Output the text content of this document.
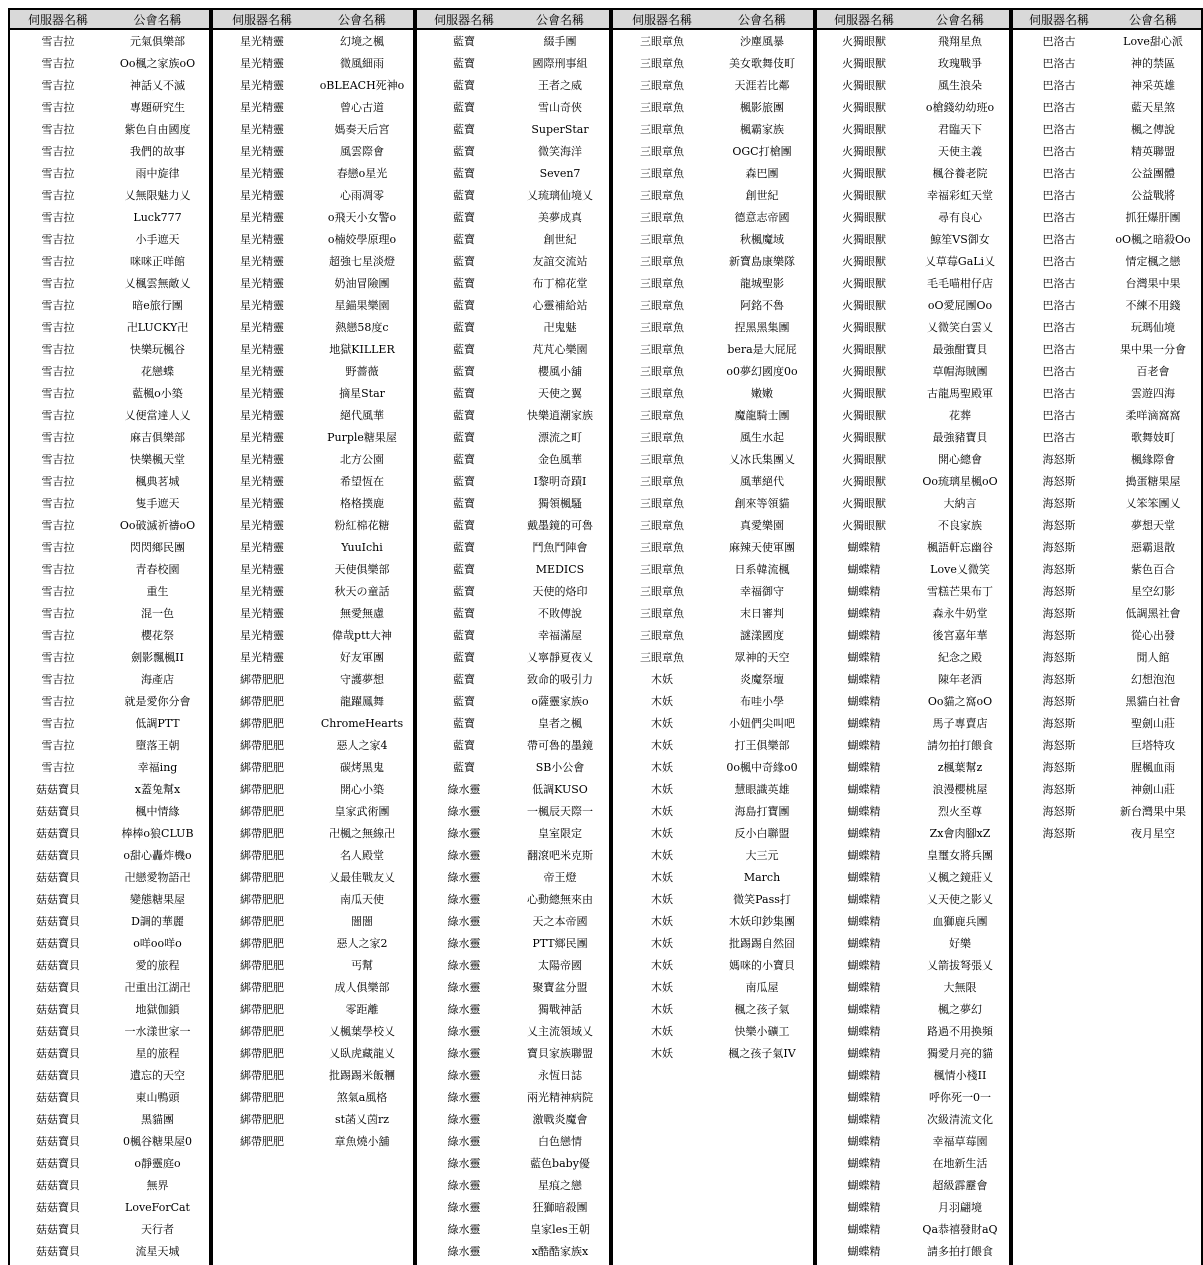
伺服器名稱	公會名稱
雪吉拉	元氣俱樂部
雪吉拉	Oo楓之家族oO
雪吉拉	神話乂不滅
雪吉拉	專題研究生
雪吉拉	紫色自由國度
雪吉拉	我們的故事
雪吉拉	雨中旋律
雪吉拉	乂無限魅力乂
雪吉拉	Luck777
雪吉拉	小手遮天
雪吉拉	咪咪正咩館
雪吉拉	乂楓雲無敵乂
雪吉拉	暗e旅行團
雪吉拉	卍LUCKY卍
雪吉拉	快樂玩楓谷
雪吉拉	花戀蝶
雪吉拉	藍楓o小築
雪吉拉	乂便當達人乂
雪吉拉	麻吉俱樂部
雪吉拉	快樂楓天堂
雪吉拉	楓典茗城
雪吉拉	隻手遮天
雪吉拉	Oo破滅祈禱oO
雪吉拉	閃閃鄉民團
雪吉拉	青春校園
雪吉拉	重生
雪吉拉	混一色
雪吉拉	櫻花祭
雪吉拉	劍影飄楓II
雪吉拉	海產店
雪吉拉	就是愛你分會
雪吉拉	低調PTT
雪吉拉	墮落王朝
雪吉拉	幸福ing
菇菇寶貝	x蓋兔幫x
菇菇寶貝	楓中情緣
菇菇寶貝	棒棒o狼CLUB
菇菇寶貝	o甜心轟炸機o
菇菇寶貝	卍戀愛物語卍
菇菇寶貝	變態糖果屋
菇菇寶貝	D調的華麗
菇菇寶貝	o咩oo咩o
菇菇寶貝	愛的旅程
菇菇寶貝	卍重出江湖卍
菇菇寶貝	地獄伽鎖
菇菇寶貝	一水漾世家一
菇菇寶貝	星的旅程
菇菇寶貝	遺忘的天空
菇菇寶貝	東山鴨頭
菇菇寶貝	黑貓團
菇菇寶貝	0楓谷糖果屋0
菇菇寶貝	o靜靈庭o
菇菇寶貝	無界
菇菇寶貝	LoveForCat
菇菇寶貝	天行者
菇菇寶貝	流星天城
伺服器名稱	公會名稱
星光精靈	幻境之楓
星光精靈	微風細雨
星光精靈	oBLEACH死神o
星光精靈	曾心古道
星光精靈	媽奏天后宮
星光精靈	風雲際會
星光精靈	春戀o星光
星光精靈	心雨凋零
星光精靈	o飛天小女警o
星光精靈	o楠姣學原理o
星光精靈	超強七星淡燈
星光精靈	奶油冒險團
星光精靈	星錨果樂園
星光精靈	熱戀58度c
星光精靈	地獄KILLER
星光精靈	野薔薇
星光精靈	摘星Star
星光精靈	絕代風華
星光精靈	Purple糖果屋
星光精靈	北方公園
星光精靈	希望恆在
星光精靈	格格撲鹿
星光精靈	粉紅棉花糖
星光精靈	YuuIchi
星光精靈	天使俱樂部
星光精靈	秋天の童話
星光精靈	無愛無慮
星光精靈	偉哉ptt大神
星光精靈	好友軍團
綁帶肥肥	守護夢想
綁帶肥肥	龍躍鳳舞
綁帶肥肥	ChromeHearts
綁帶肥肥	惡人之家4
綁帶肥肥	碳烤黑鬼
綁帶肥肥	開心小築
綁帶肥肥	皇家武術團
綁帶肥肥	卍楓之無線卍
綁帶肥肥	名人殿堂
綁帶肥肥	乂最佳戰友乂
綁帶肥肥	南瓜天使
綁帶肥肥	闇闇
綁帶肥肥	惡人之家2
綁帶肥肥	丐幫
綁帶肥肥	成人俱樂部
綁帶肥肥	零距離
綁帶肥肥	乂楓葉學校乂
綁帶肥肥	乂臥虎藏龍乂
綁帶肥肥	批踢踢米飯糰
綁帶肥肥	煞氣a風格
綁帶肥肥	st菡乂茵rz
綁帶肥肥	章魚燒小舖
伺服器名稱	公會名稱
藍寶	綴手團
藍寶	國際刑事組
藍寶	王者之威
藍寶	雪山奇俠
藍寶	SuperStar
藍寶	微笑海洋
藍寶	Seven7
藍寶	乂琉璃仙境乂
藍寶	美夢成真
藍寶	創世紀
藍寶	友誼交流站
藍寶	布丁棉花堂
藍寶	心靈補給站
藍寶	卍鬼魅
藍寶	芃芃心樂園
藍寶	櫻風小舖
藍寶	天使之翼
藍寶	快樂逍潮家族
藍寶	漂流之町
藍寶	金色風華
藍寶	I黎明奇蹟I
藍寶	獨領楓騷
藍寶	戴墨鏡的可魯
藍寶	鬥魚鬥陣會
藍寶	MEDICS
藍寶	天使的烙印
藍寶	不敗傳說
藍寶	幸福滿屋
藍寶	乂寧靜夏夜乂
藍寶	致命的吸引力
藍寶	o薩靈家族o
藍寶	皇者之楓
藍寶	帶可魯的墨鏡
藍寶	SB小公會
綠水靈	低調KUSO
綠水靈	一楓辰天際一
綠水靈	皇室限定
綠水靈	翻滾吧米克斯
綠水靈	帝王燈
綠水靈	心動總無來由
綠水靈	天之本帝國
綠水靈	PTT鄉民團
綠水靈	太陽帝國
綠水靈	聚寶盆分盟
綠水靈	獨戰神話
綠水靈	乂主流領域乂
綠水靈	寶貝家族聯盟
綠水靈	永恆日誌
綠水靈	兩光精神病院
綠水靈	激戰炎魔會
綠水靈	白色戀情
綠水靈	藍色baby優
綠水靈	星痕之戀
綠水靈	狂獅暗殺團
綠水靈	皇家les王朝
綠水靈	x酷酷家族x
伺服器名稱	公會名稱
三眼章魚	沙塵風暴
三眼章魚	美女歌舞伎町
三眼章魚	天涯若比鄰
三眼章魚	楓影旅團
三眼章魚	楓霸家族
三眼章魚	OGC打槍團
三眼章魚	森巴團
三眼章魚	創世紀
三眼章魚	德意志帝國
三眼章魚	秋楓魔域
三眼章魚	新寶島康樂隊
三眼章魚	龍城聖影
三眼章魚	阿銘不魯
三眼章魚	捏黑黑集團
三眼章魚	bera是大屁屁
三眼章魚	o0夢幻國度0o
三眼章魚	嫩嫩
三眼章魚	魔龍騎士團
三眼章魚	風生水起
三眼章魚	乂冰氏集團乂
三眼章魚	風華絕代
三眼章魚	創來等領貓
三眼章魚	真愛樂園
三眼章魚	麻辣天使軍團
三眼章魚	日系韓流楓
三眼章魚	幸福御守
三眼章魚	末日審判
三眼章魚	謎漾國度
三眼章魚	眾神的天空
木妖	炎魔祭壇
木妖	布哇小學
木妖	小妞們尖叫吧
木妖	打王俱樂部
木妖	0o楓中奇緣o0
木妖	慧眼識英雄
木妖	海島打寶團
木妖	反小白聯盟
木妖	大三元
木妖	March
木妖	微笑Pass打
木妖	木妖印鈔集團
木妖	批踢踢自然囧
木妖	媽咪的小寶貝
木妖	南瓜屋
木妖	楓之孩子氣
木妖	快樂小礦工
木妖	楓之孩子氣IV
伺服器名稱	公會名稱
火獨眼獸	飛翔星魚
火獨眼獸	玫瑰戰爭
火獨眼獸	風生浪朵
火獨眼獸	o槍錢幼幼班o
火獨眼獸	君臨天下
火獨眼獸	天使主義
火獨眼獸	楓谷養老院
火獨眼獸	幸福彩虹天堂
火獨眼獸	尋有良心
火獨眼獸	鯨笙VS御女
火獨眼獸	乂草莓GaLi乂
火獨眼獸	毛毛喵柑仔店
火獨眼獸	oO愛屁團Oo
火獨眼獸	乂微笑白雲乂
火獨眼獸	最強酣寶貝
火獨眼獸	草帽海賊團
火獨眼獸	古龍馬聖殿軍
火獨眼獸	花葬
火獨眼獸	最強豬寶貝
火獨眼獸	開心總會
火獨眼獸	Oo琉璃星楓oO
火獨眼獸	大納言
火獨眼獸	不良家族
蝴蝶精	楓語軒忘幽谷
蝴蝶精	Love乂微笑
蝴蝶精	雪糕芒果布丁
蝴蝶精	森永牛奶堂
蝴蝶精	後宮嘉年華
蝴蝶精	紀念之殿
蝴蝶精	陳年老酒
蝴蝶精	Oo貓之窩oO
蝴蝶精	馬子專賣店
蝴蝶精	請勿拍打餵食
蝴蝶精	z楓葉幫z
蝴蝶精	浪漫櫻桃屋
蝴蝶精	烈火至尊
蝴蝶精	Zx會肉腳xZ
蝴蝶精	皇璽女將兵團
蝴蝶精	乂楓之鏡莊乂
蝴蝶精	乂天使之影乂
蝴蝶精	血獅鹿兵團
蝴蝶精	好樂
蝴蝶精	乂箭拔弩張乂
蝴蝶精	大無限
蝴蝶精	楓之夢幻
蝴蝶精	路過不用換頻
蝴蝶精	獨愛月亮的貓
蝴蝶精	楓情小棧II
蝴蝶精	呼你死一0一
蝴蝶精	次級清流文化
蝴蝶精	幸福草莓園
蝴蝶精	在地新生活
蝴蝶精	超級霹靂會
蝴蝶精	月羽翩境
蝴蝶精	Qa恭禧發財aQ
蝴蝶精	請多拍打餵食
伺服器名稱	公會名稱
巴洛古	Love甜心派
巴洛古	神的禁區
巴洛古	神采英雄
巴洛古	藍天星煞
巴洛古	楓之傳說
巴洛古	精英聯盟
巴洛古	公益團體
巴洛古	公益戰將
巴洛古	抓狂爆肝團
巴洛古	oO楓之暗殺Oo
巴洛古	情定楓之戀
巴洛古	台灣果中果
巴洛古	不練不用錢
巴洛古	玩瑪仙境
巴洛古	果中果一分會
巴洛古	百老會
巴洛古	雲遊四海
巴洛古	柔咩滴窩窩
巴洛古	歌舞妓町
海怒斯	楓緣際會
海怒斯	搗蛋糖果屋
海怒斯	乂笨笨團乂
海怒斯	夢想天堂
海怒斯	惡霸退散
海怒斯	紫色百合
海怒斯	星空幻影
海怒斯	低調黑社會
海怒斯	從心出發
海怒斯	閒人館
海怒斯	幻想泡泡
海怒斯	黑貓白社會
海怒斯	聖劍山莊
海怒斯	巨塔特攻
海怒斯	腥楓血雨
海怒斯	神劍山莊
海怒斯	新台灣果中果
海怒斯	夜月星空
